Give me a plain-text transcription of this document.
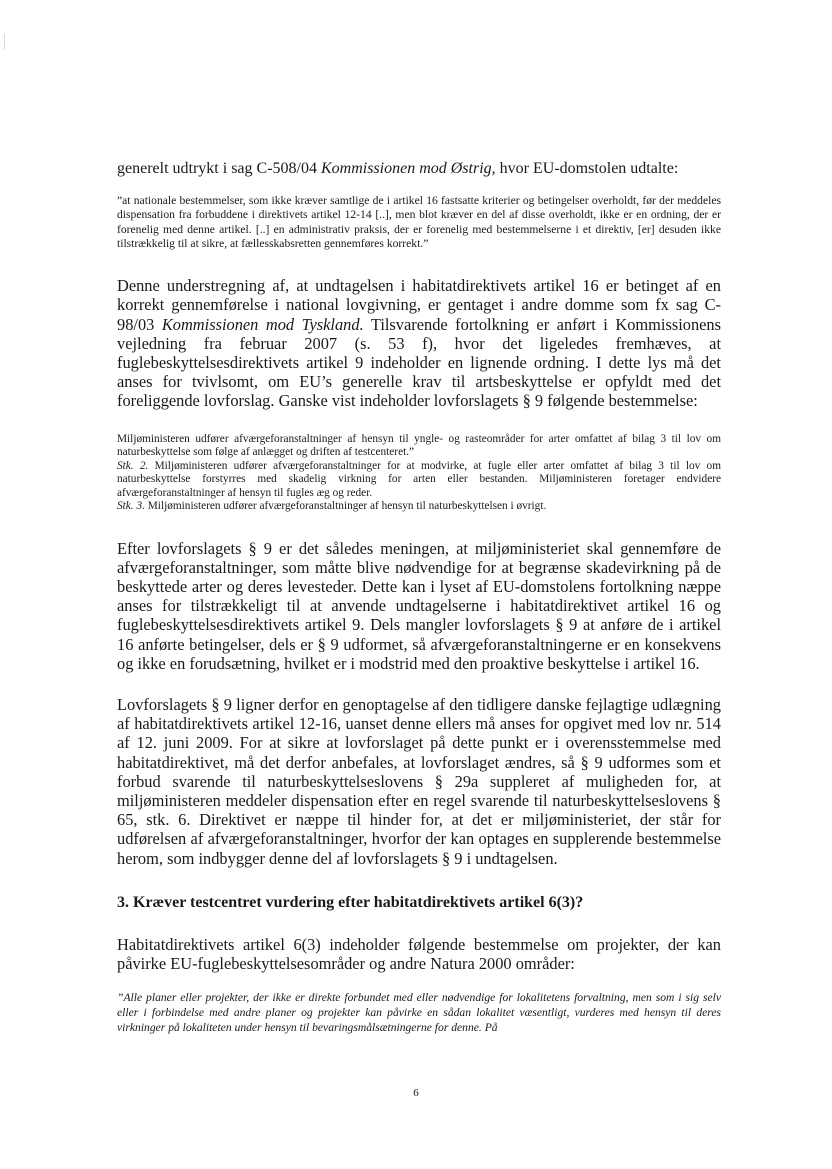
generelt udtrykt i sag C-508/04 Kommissionen mod Østrig, hvor EU-domstolen udtalte:

”at nationale bestemmelser, som ikke kræver samtlige de i artikel 16 fastsatte kriterier og betingelser overholdt, før der meddeles dispensation fra forbuddene i direktivets artikel 12-14 [..], men blot kræver en del af disse overholdt, ikke er en ordning, der er forenelig med denne artikel. [..] en administrativ praksis, der er forenelig med bestemmelserne i et direktiv, [er] desuden ikke tilstrækkelig til at sikre, at fællesskabsretten gennemføres korrekt.”

Denne understregning af, at undtagelsen i habitatdirektivets artikel 16 er betinget af en korrekt gennemførelse i national lovgivning, er gentaget i andre domme som fx sag C-98/03 Kommissionen mod Tyskland. Tilsvarende fortolkning er anført i Kommissionens vejledning fra februar 2007 (s. 53 f), hvor det ligeledes fremhæves, at fuglebeskyttelsesdirektivets artikel 9 indeholder en lignende ordning. I dette lys må det anses for tvivlsomt, om EU’s generelle krav til artsbeskyttelse er opfyldt med det foreliggende lovforslag. Ganske vist indeholder lovforslagets § 9 følgende bestemmelse:

Miljøministeren udfører afværgeforanstaltninger af hensyn til yngle- og rasteområder for arter omfattet af bilag 3 til lov om naturbeskyttelse som følge af anlægget og driften af testcenteret.”

Stk. 2. Miljøministeren udfører afværgeforanstaltninger for at modvirke, at fugle eller arter omfattet af bilag 3 til lov om naturbeskyttelse forstyrres med skadelig virkning for arten eller bestanden. Miljøministeren foretager endvidere afværgeforanstaltninger af hensyn til fugles æg og reder.

Stk. 3. Miljøministeren udfører afværgeforanstaltninger af hensyn til naturbeskyttelsen i øvrigt.

Efter lovforslagets § 9 er det således meningen, at miljøministeriet skal gennemføre de afværgeforanstaltninger, som måtte blive nødvendige for at begrænse skadevirkning på de beskyttede arter og deres levesteder. Dette kan i lyset af EU-domstolens fortolkning næppe anses for tilstrækkeligt til at anvende undtagelserne i habitatdirektivet artikel 16 og fuglebeskyttelsesdirektivets artikel 9. Dels mangler lovforslagets § 9 at anføre de i artikel 16 anførte betingelser, dels er § 9 udformet, så afværgeforanstaltningerne er en konsekvens og ikke en forudsætning, hvilket er i modstrid med den proaktive beskyttelse i artikel 16.

Lovforslagets § 9 ligner derfor en genoptagelse af den tidligere danske fejlagtige udlægning af habitatdirektivets artikel 12-16, uanset denne ellers må anses for opgivet med lov nr. 514 af 12. juni 2009. For at sikre at lovforslaget på dette punkt er i overensstemmelse med habitatdirektivet, må det derfor anbefales, at lovforslaget ændres, så § 9 udformes som et forbud svarende til naturbeskyttelseslovens § 29a suppleret af muligheden for, at miljøministeren meddeler dispensation efter en regel svarende til naturbeskyttelseslovens § 65, stk. 6. Direktivet er næppe til hinder for, at det er miljøministeriet, der står for udførelsen af afværgeforanstaltninger, hvorfor der kan optages en supplerende bestemmelse herom, som indbygger denne del af lovforslagets § 9 i undtagelsen.

3. Kræver testcentret vurdering efter habitatdirektivets artikel 6(3)?

Habitatdirektivets artikel 6(3) indeholder følgende bestemmelse om projekter, der kan påvirke EU-fuglebeskyttelsesområder og andre Natura 2000 områder:

”Alle planer eller projekter, der ikke er direkte forbundet med eller nødvendige for lokalitetens forvaltning, men som i sig selv eller i forbindelse med andre planer og projekter kan påvirke en sådan lokalitet væsentligt, vurderes med hensyn til deres virkninger på lokaliteten under hensyn til bevaringsmålsætningerne for denne. På

6
